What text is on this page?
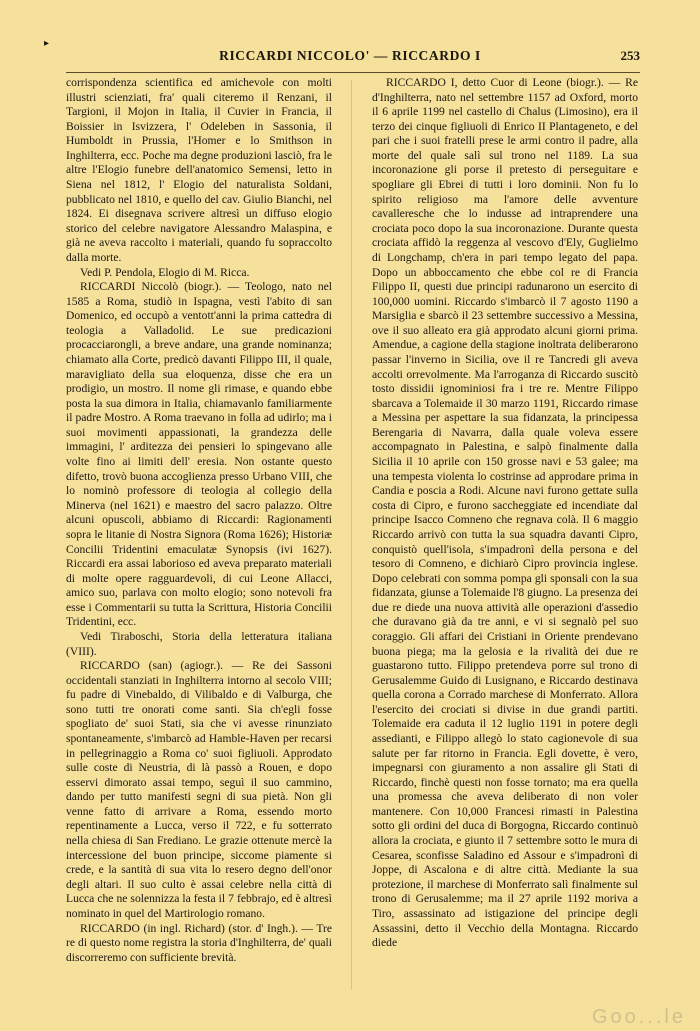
▸
RICCARDI NICCOLO' — RICCARDO I	253

corrispondenza scientifica ed amichevole con molti illustri scienziati, fra' quali citeremo il Renzani, il Targioni, il Mojon in Italia, il Cuvier in Francia, il Boissier in Isvizzera, l' Odeleben in Sassonia, il Humboldt in Prussia, l'Homer e lo Smithson in Inghilterra, ecc. Poche ma degne produzioni lasciò, fra le altre l'Elogio funebre dell'anatomico Semensi, letto in Siena nel 1812, l' Elogio del naturalista Soldani, pubblicato nel 1810, e quello del cav. Giulio Bianchi, nel 1824. Ei disegnava scrivere altresì un diffuso elogio storico del celebre navigatore Alessandro Malaspina, e già ne aveva raccolto i materiali, quando fu sopraccolto dalla morte.

Vedi P. Pendola, Elogio di M. Ricca.

RICCARDI Niccolò (biogr.). — Teologo, nato nel 1585 a Roma, studiò in Ispagna, vestì l'abito di san Domenico, ed occupò a ventott'anni la prima cattedra di teologia a Valladolid. Le sue predicazioni procacciarongli, a breve andare, una grande nominanza; chiamato alla Corte, predicò davanti Filippo III, il quale, maravigliato della sua eloquenza, disse che era un prodigio, un mostro. Il nome gli rimase, e quando ebbe posta la sua dimora in Italia, chiamavanlo familiarmente il padre Mostro. A Roma traevano in folla ad udirlo; ma i suoi movimenti appassionati, la grandezza delle immagini, l' arditezza dei pensieri lo spingevano alle volte fino ai limiti dell' eresia. Non ostante questo difetto, trovò buona accoglienza presso Urbano VIII, che lo nominò professore di teologia al collegio della Minerva (nel 1621) e maestro del sacro palazzo. Oltre alcuni opuscoli, abbiamo di Riccardi: Ragionamenti sopra le litanie di Nostra Signora (Roma 1626); Historiæ Concilii Tridentini emaculatæ Synopsis (ivi 1627). Riccardi era assai laborioso ed aveva preparato materiali di molte opere ragguardevoli, di cui Leone Allacci, amico suo, parlava con molto elogio; sono notevoli fra esse i Commentarii su tutta la Scrittura, Historia Concilii Tridentini, ecc.

Vedi Tiraboschi, Storia della letteratura italiana (VIII).

RICCARDO (san) (agiogr.). — Re dei Sassoni occidentali stanziati in Inghilterra intorno al secolo VIII; fu padre di Vinebaldo, di Vilibaldo e di Valburga, che sono tutti tre onorati come santi. Sia ch'egli fosse spogliato de' suoi Stati, sia che vi avesse rinunziato spontaneamente, s'imbarcò ad Hamble-Haven per recarsi in pellegrinaggio a Roma co' suoi figliuoli. Approdato sulle coste di Neustria, di là passò a Rouen, e dopo esservi dimorato assai tempo, seguì il suo cammino, dando per tutto manifesti segni di sua pietà. Non gli venne fatto di arrivare a Roma, essendo morto repentinamente a Lucca, verso il 722, e fu sotterrato nella chiesa di San Frediano. Le grazie ottenute mercè la intercessione del buon principe, siccome piamente si crede, e la santità di sua vita lo resero degno dell'onor degli altari. Il suo culto è assai celebre nella città di Lucca che ne solennizza la festa il 7 febbrajo, ed è altresì nominato in quel del Martirologio romano.

RICCARDO (in ingl. Richard) (stor. d' Ingh.). — Tre re di questo nome registra la storia d'Inghilterra, de' quali discorreremo con sufficiente brevità.

RICCARDO I, detto Cuor di Leone (biogr.). — Re d'Inghilterra, nato nel settembre 1157 ad Oxford, morto il 6 aprile 1199 nel castello di Chalus (Limosino), era il terzo dei cinque figliuoli di Enrico II Plantageneto, e del pari che i suoi fratelli prese le armi contro il padre, alla morte del quale salì sul trono nel 1189. La sua incoronazione gli porse il pretesto di perseguitare e spogliare gli Ebrei di tutti i loro dominii. Non fu lo spirito religioso ma l'amore delle avventure cavalleresche che lo indusse ad intraprendere una crociata poco dopo la sua incoronazione. Durante questa crociata affidò la reggenza al vescovo d'Ely, Guglielmo di Longchamp, ch'era in pari tempo legato del papa. Dopo un abboccamento che ebbe col re di Francia Filippo II, questi due principi radunarono un esercito di 100,000 uomini. Riccardo s'imbarcò il 7 agosto 1190 a Marsiglia e sbarcò il 23 settembre successivo a Messina, ove il suo alleato era già approdato alcuni giorni prima. Amendue, a cagione della stagione inoltrata deliberarono passar l'inverno in Sicilia, ove il re Tancredi gli aveva accolti orrevolmente. Ma l'arroganza di Riccardo suscitò tosto dissidii ignominiosi fra i tre re. Mentre Filippo sbarcava a Tolemaide il 30 marzo 1191, Riccardo rimase a Messina per aspettare la sua fidanzata, la principessa Berengaria di Navarra, dalla quale voleva essere accompagnato in Palestina, e salpò finalmente dalla Sicilia il 10 aprile con 150 grosse navi e 53 galee; ma una tempesta violenta lo costrinse ad approdare prima in Candia e poscia a Rodi. Alcune navi furono gettate sulla costa di Cipro, e furono saccheggiate ed incendiate dal principe Isacco Comneno che regnava colà. Il 6 maggio Riccardo arrivò con tutta la sua squadra davanti Cipro, conquistò quell'isola, s'impadronì della persona e del tesoro di Comneno, e dichiarò Cipro provincia inglese. Dopo celebrati con somma pompa gli sponsali con la sua fidanzata, giunse a Tolemaide l'8 giugno. La presenza dei due re diede una nuova attività alle operazioni d'assedio che duravano già da tre anni, e vi si segnalò pel suo coraggio. Gli affari dei Cristiani in Oriente prendevano buona piega; ma la gelosia e la rivalità dei due re guastarono tutto. Filippo pretendeva porre sul trono di Gerusalemme Guido di Lusignano, e Riccardo destinava quella corona a Corrado marchese di Monferrato. Allora l'esercito dei crociati si divise in due grandi partiti. Tolemaide era caduta il 12 luglio 1191 in potere degli assedianti, e Filippo allegò lo stato cagionevole di sua salute per far ritorno in Francia. Egli dovette, è vero, impegnarsi con giuramento a non assalire gli Stati di Riccardo, finchè questi non fosse tornato; ma era quella una promessa che aveva deliberato di non voler mantenere. Con 10,000 Francesi rimasti in Palestina sotto gli ordini del duca di Borgogna, Riccardo continuò allora la crociata, e giunto il 7 settembre sotto le mura di Cesarea, sconfisse Saladino ed Assour e s'impadronì di Joppe, di Ascalona e di altre città. Mediante la sua protezione, il marchese di Monferrato salì finalmente sul trono di Gerusalemme; ma il 27 aprile 1192 moriva a Tiro, assassinato ad istigazione del principe degli Assassini, detto il Vecchio della Montagna. Riccardo diede

Goo...le
